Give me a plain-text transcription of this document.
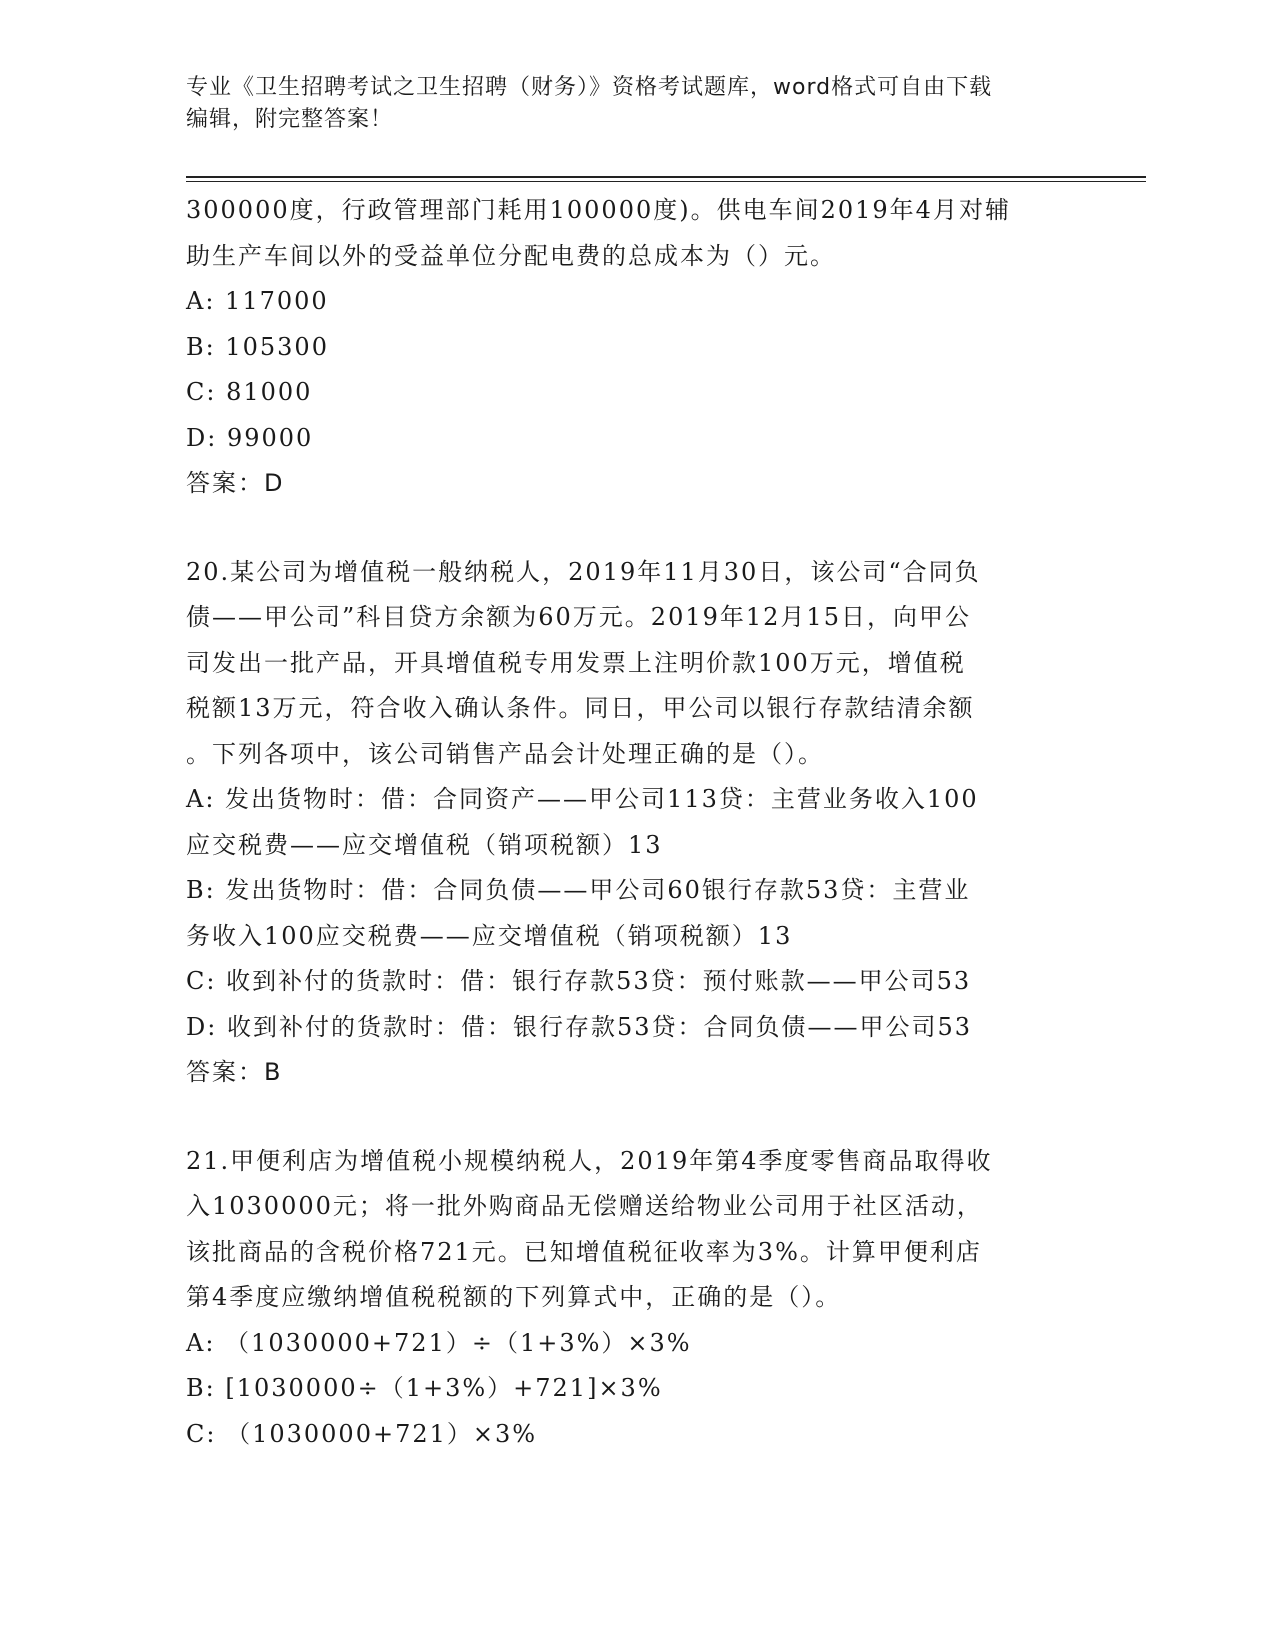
专业《卫生招聘考试之卫生招聘（财务）》资格考试题库，word格式可自由下载
编辑，附完整答案！
300000度，行政管理部门耗用100000度)。供电车间2019年4月对辅
助生产车间以外的受益单位分配电费的总成本为（）元。
A: 117000
B: 105300
C: 81000
D: 99000
答案：D
20.某公司为增值税一般纳税人，2019年11月30日，该公司“合同负
债——甲公司”科目贷方余额为60万元。2019年12月15日，向甲公
司发出一批产品，开具增值税专用发票上注明价款100万元，增值税
税额13万元，符合收入确认条件。同日，甲公司以银行存款结清余额
。下列各项中，该公司销售产品会计处理正确的是（）。
A: 发出货物时：借：合同资产——甲公司113贷：主营业务收入100
应交税费——应交增值税（销项税额）13
B: 发出货物时：借：合同负债——甲公司60银行存款53贷：主营业
务收入100应交税费——应交增值税（销项税额）13
C: 收到补付的货款时：借：银行存款53贷：预付账款——甲公司53
D: 收到补付的货款时：借：银行存款53贷：合同负债——甲公司53
答案：B
21.甲便利店为增值税小规模纳税人，2019年第4季度零售商品取得收
入1030000元；将一批外购商品无偿赠送给物业公司用于社区活动，
该批商品的含税价格721元。已知增值税征收率为3%。计算甲便利店
第4季度应缴纳增值税税额的下列算式中，正确的是（）。
A: （1030000+721）÷（1+3%）×3%
B: [1030000÷（1+3%）+721]×3%
C: （1030000+721）×3%
